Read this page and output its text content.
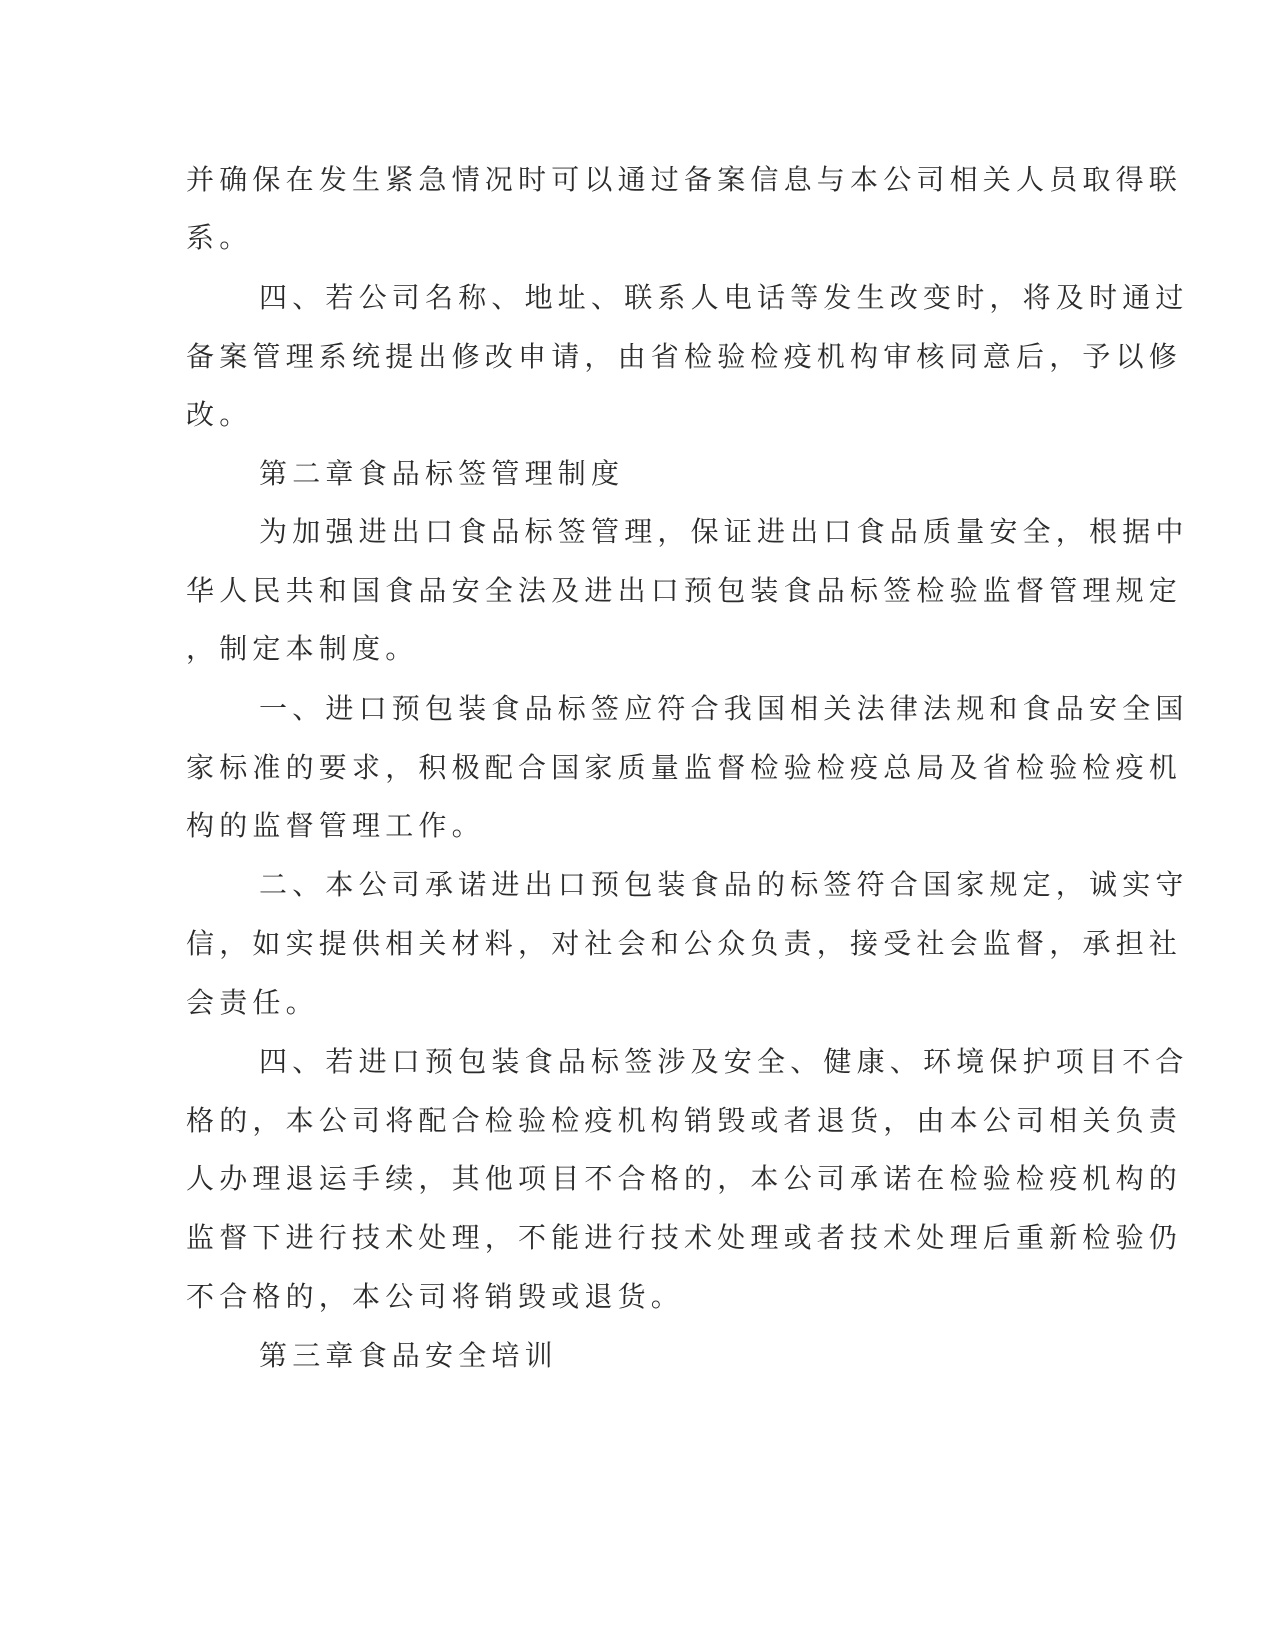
并确保在发生紧急情况时可以通过备案信息与本公司相关人员取得联
系。
四、若公司名称、地址、联系人电话等发生改变时，将及时通过
备案管理系统提出修改申请，由省检验检疫机构审核同意后，予以修
改。
第二章食品标签管理制度
为加强进出口食品标签管理，保证进出口食品质量安全，根据中
华人民共和国食品安全法及进出口预包装食品标签检验监督管理规定
，制定本制度。
一、进口预包装食品标签应符合我国相关法律法规和食品安全国
家标准的要求，积极配合国家质量监督检验检疫总局及省检验检疫机
构的监督管理工作。
二、本公司承诺进出口预包装食品的标签符合国家规定，诚实守
信，如实提供相关材料，对社会和公众负责，接受社会监督，承担社
会责任。
四、若进口预包装食品标签涉及安全、健康、环境保护项目不合
格的，本公司将配合检验检疫机构销毁或者退货，由本公司相关负责
人办理退运手续，其他项目不合格的，本公司承诺在检验检疫机构的
监督下进行技术处理，不能进行技术处理或者技术处理后重新检验仍
不合格的，本公司将销毁或退货。
第三章食品安全培训
